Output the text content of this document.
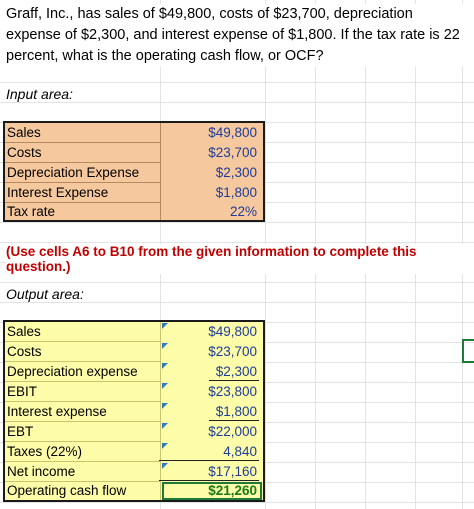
Graff, Inc., has sales of $49,800, costs of $23,700, depreciation expense of $2,300, and interest expense of $1,800. If the tax rate is 22 percent, what is the operating cash flow, or OCF?
Input area:
Sales	$49,800
Costs	$23,700
Depreciation Expense	$2,300
Interest Expense	$1,800
Tax rate	22%
(Use cells A6 to B10 from the given information to complete this question.)
Output area:
Sales	$49,800
Costs	$23,700
Depreciation expense	$2,300
EBIT	$23,800
Interest expense	$1,800
EBT	$22,000
Taxes (22%)	4,840
Net income	$17,160
Operating cash flow	$21,260
